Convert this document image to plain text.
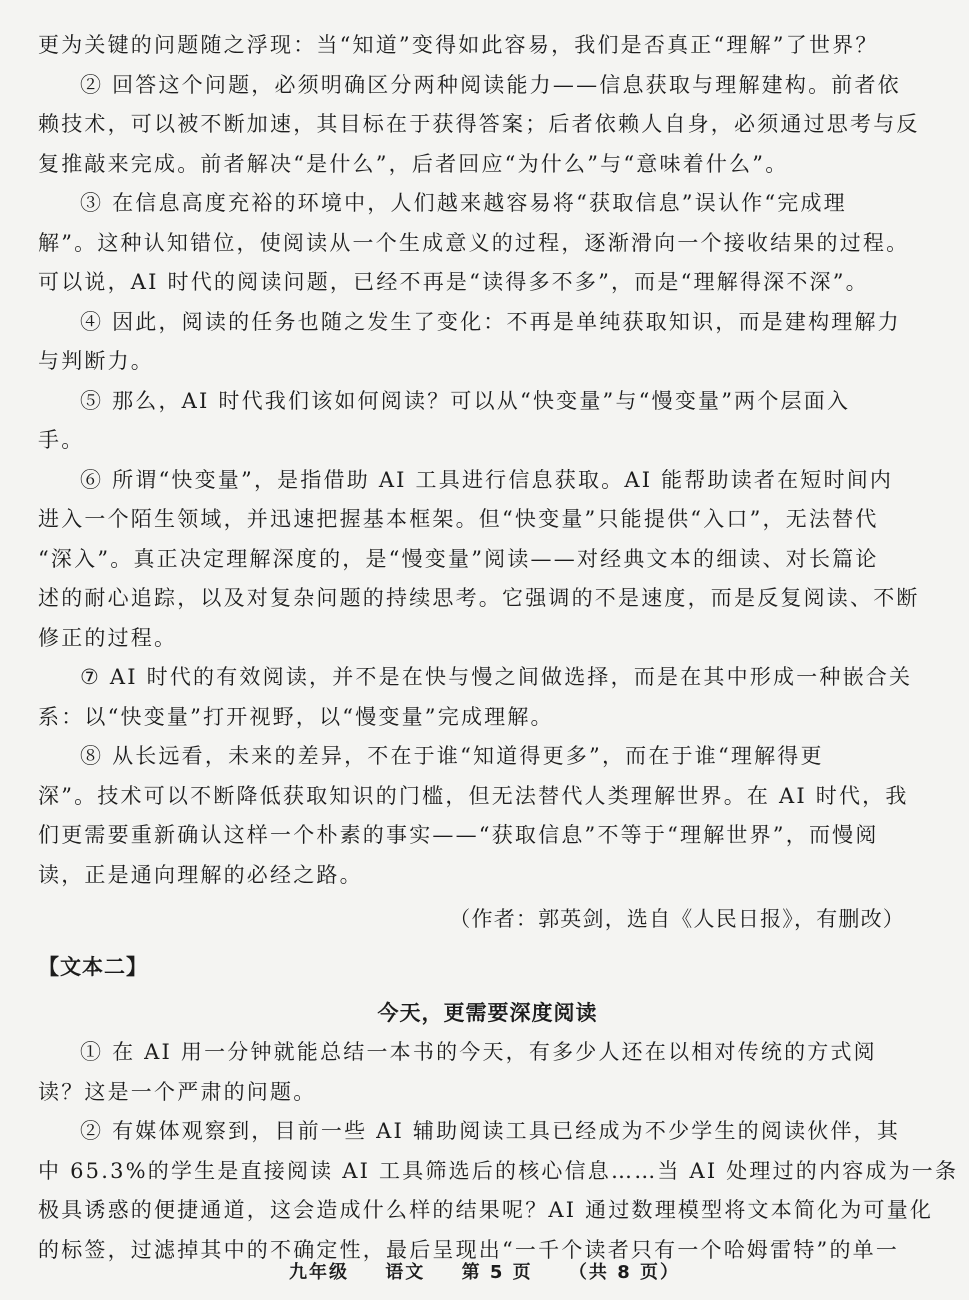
更为关键的问题随之浮现：当“知道”变得如此容易，我们是否真正“理解”了世界？
② 回答这个问题，必须明确区分两种阅读能力——信息获取与理解建构。前者依
赖技术，可以被不断加速，其目标在于获得答案；后者依赖人自身，必须通过思考与反
复推敲来完成。前者解决“是什么”，后者回应“为什么”与“意味着什么”。
③ 在信息高度充裕的环境中，人们越来越容易将“获取信息”误认作“完成理
解”。这种认知错位，使阅读从一个生成意义的过程，逐渐滑向一个接收结果的过程。
可以说，AI 时代的阅读问题，已经不再是“读得多不多”，而是“理解得深不深”。
④ 因此，阅读的任务也随之发生了变化：不再是单纯获取知识，而是建构理解力
与判断力。
⑤ 那么，AI 时代我们该如何阅读？可以从“快变量”与“慢变量”两个层面入
手。
⑥ 所谓“快变量”，是指借助 AI 工具进行信息获取。AI 能帮助读者在短时间内
进入一个陌生领域，并迅速把握基本框架。但“快变量”只能提供“入口”，无法替代
“深入”。真正决定理解深度的，是“慢变量”阅读——对经典文本的细读、对长篇论
述的耐心追踪，以及对复杂问题的持续思考。它强调的不是速度，而是反复阅读、不断
修正的过程。
⑦ AI 时代的有效阅读，并不是在快与慢之间做选择，而是在其中形成一种嵌合关
系：以“快变量”打开视野，以“慢变量”完成理解。
⑧ 从长远看，未来的差异，不在于谁“知道得更多”，而在于谁“理解得更
深”。技术可以不断降低获取知识的门槛，但无法替代人类理解世界。在 AI 时代，我
们更需要重新确认这样一个朴素的事实——“获取信息”不等于“理解世界”，而慢阅
读，正是通向理解的必经之路。
（作者：郭英剑，选自《人民日报》，有删改）
【文本二】
今天，更需要深度阅读
① 在 AI 用一分钟就能总结一本书的今天，有多少人还在以相对传统的方式阅
读？这是一个严肃的问题。
② 有媒体观察到，目前一些 AI 辅助阅读工具已经成为不少学生的阅读伙伴，其
中 65.3%的学生是直接阅读 AI 工具筛选后的核心信息……当 AI 处理过的内容成为一条
极具诱惑的便捷通道，这会造成什么样的结果呢？AI 通过数理模型将文本简化为可量化
的标签，过滤掉其中的不确定性，最后呈现出“一千个读者只有一个哈姆雷特”的单一
九年级 语文 第 5 页 （共 8 页）
